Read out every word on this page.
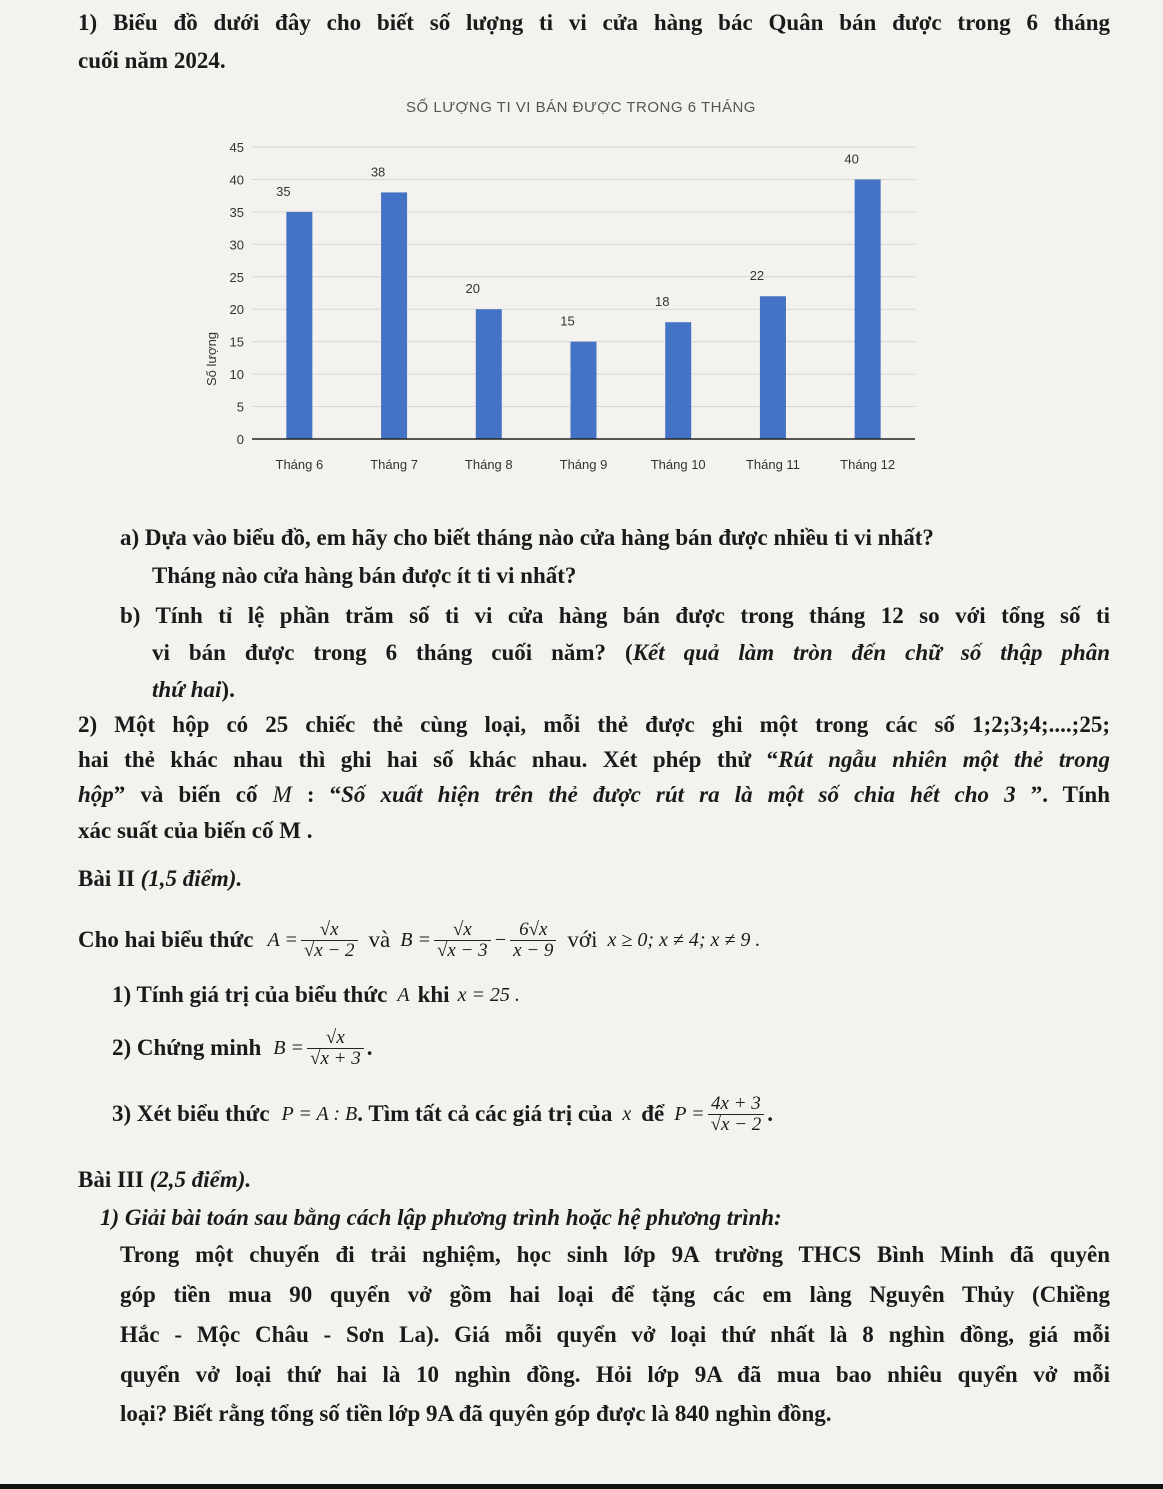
1) Biểu đồ dưới đây cho biết số lượng ti vi cửa hàng bác Quân bán được trong 6 tháng
cuối năm 2024.
SỐ LƯỢNG TI VI BÁN ĐƯỢC TRONG 6 THÁNG
0
5
10
15
20
25
30
35
40
45
35
38
20
15
18
22
40
Tháng 6	Tháng 7	Tháng 8	Tháng 9	Tháng 10	Tháng 11	Tháng 12
Số lượng
a) Dựa vào biểu đồ, em hãy cho biết tháng nào cửa hàng bán được nhiều ti vi nhất?
Tháng nào cửa hàng bán được ít ti vi nhất?
b) Tính tỉ lệ phần trăm số ti vi cửa hàng bán được trong tháng 12 so với tổng số ti
vi bán được trong 6 tháng cuối năm? (Kết quả làm tròn đến chữ số thập phân
thứ hai).
2) Một hộp có 25 chiếc thẻ cùng loại, mỗi thẻ được ghi một trong các số 1;2;3;4;....;25;
hai thẻ khác nhau thì ghi hai số khác nhau. Xét phép thử “Rút ngẫu nhiên một thẻ trong
hộp” và biến cố M : “Số xuất hiện trên thẻ được rút ra là một số chia hết cho 3 ”. Tính
xác suất của biến cố M .
Bài II (1,5 điểm).
Cho hai biểu thức $A = \frac{√x}{√x - 2}$ và $B = \frac{√x}{√x - 3} - \frac{6√x}{x - 9}$ với x ≥ 0; x ≠ 4; x ≠ 9 .
1) Tính giá trị của biểu thức A khi x = 25 .
2) Chứng minh $B = \frac{√x}{√x + 3}$ .
3) Xét biểu thức P = A : B . Tìm tất cả các giá trị của x để $P = \frac{4x + 3}{√x - 2}$ .
Bài III (2,5 điểm).
1) Giải bài toán sau bằng cách lập phương trình hoặc hệ phương trình:
Trong một chuyến đi trải nghiệm, học sinh lớp 9A trường THCS Bình Minh đã quyên
góp tiền mua 90 quyển vở gồm hai loại để tặng các em làng Nguyên Thủy (Chiềng
Hắc - Mộc Châu - Sơn La). Giá mỗi quyển vở loại thứ nhất là 8 nghìn đồng, giá mỗi
quyển vở loại thứ hai là 10 nghìn đồng. Hỏi lớp 9A đã mua bao nhiêu quyển vở mỗi
loại? Biết rằng tổng số tiền lớp 9A đã quyên góp được là 840 nghìn đồng.
